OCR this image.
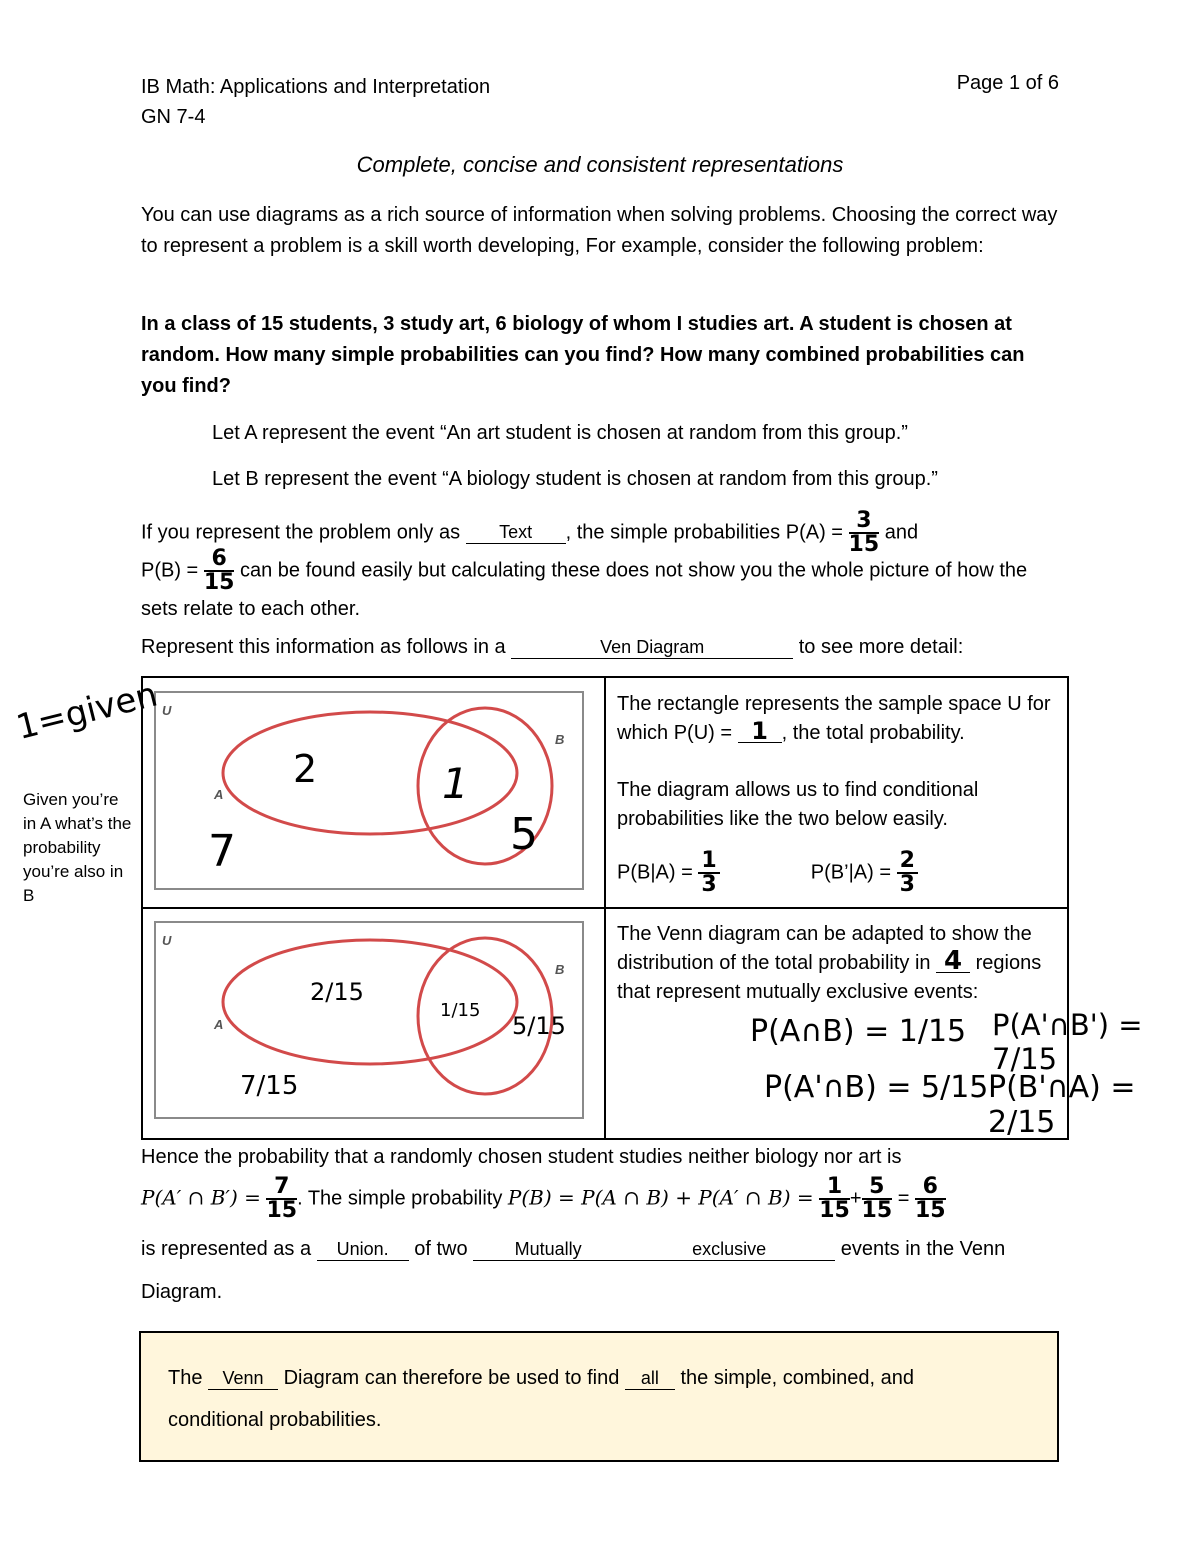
IB Math: Applications and Interpretation
GN 7-4
Page 1 of 6
Complete, concise and consistent representations
You can use diagrams as a rich source of information when solving problems. Choosing the correct way to represent a problem is a skill worth developing, For example, consider the following problem:
In a class of 15 students, 3 study art, 6 biology of whom I studies art. A student is chosen at random. How many simple probabilities can you find? How many combined probabilities can you find?
Let A represent the event “An art student is chosen at random from this group.”
Let B represent the event “A biology student is chosen at random from this group.”
If you represent the problem only as Text , the simple probabilities $P(A) = \frac{3}{15}$ and
$P(B) = \frac{6}{15}$ can be found easily but calculating these does not show you the whole picture of how the sets relate to each other.
Represent this information as follows in a	Ven Diagram	to see more detail:
U
A
B
2	1
5
7
U
A
B
2/15
1/15
5/15
7/15
The rectangle represents the sample space U for which P(U) = 1 , the total probability.
The diagram allows us to find conditional probabilities like the two below easily.
$P(B|A) = \frac{1}{3}$	P(B’|A) = $\frac{2}{3}$
The Venn diagram can be adapted to show the distribution of the total probability in 4 regions that represent mutually exclusive events:
P(A∩B) = 1/15 P(A'∩B') = 7/15
P(A'∩B) = 5/15 P(B'∩A) = 2/15
1=given
Given you’re in A what’s the probability you’re also in B
Hence the probability that a randomly chosen student studies neither biology nor art is
P(A′ ∩ $B') = \frac{7}{15}$ . The simple probability P(B) = P(A ∩ B) + P(A′ ∩ $B) = \frac{1}{15} + \frac{5}{15} = \frac{6}{15}$
is represented as a Union. of two	Mutually	exclusive	events in the Venn
Diagram.
The Venn Diagram can therefore be used to find all the simple, combined, and
conditional probabilities.
